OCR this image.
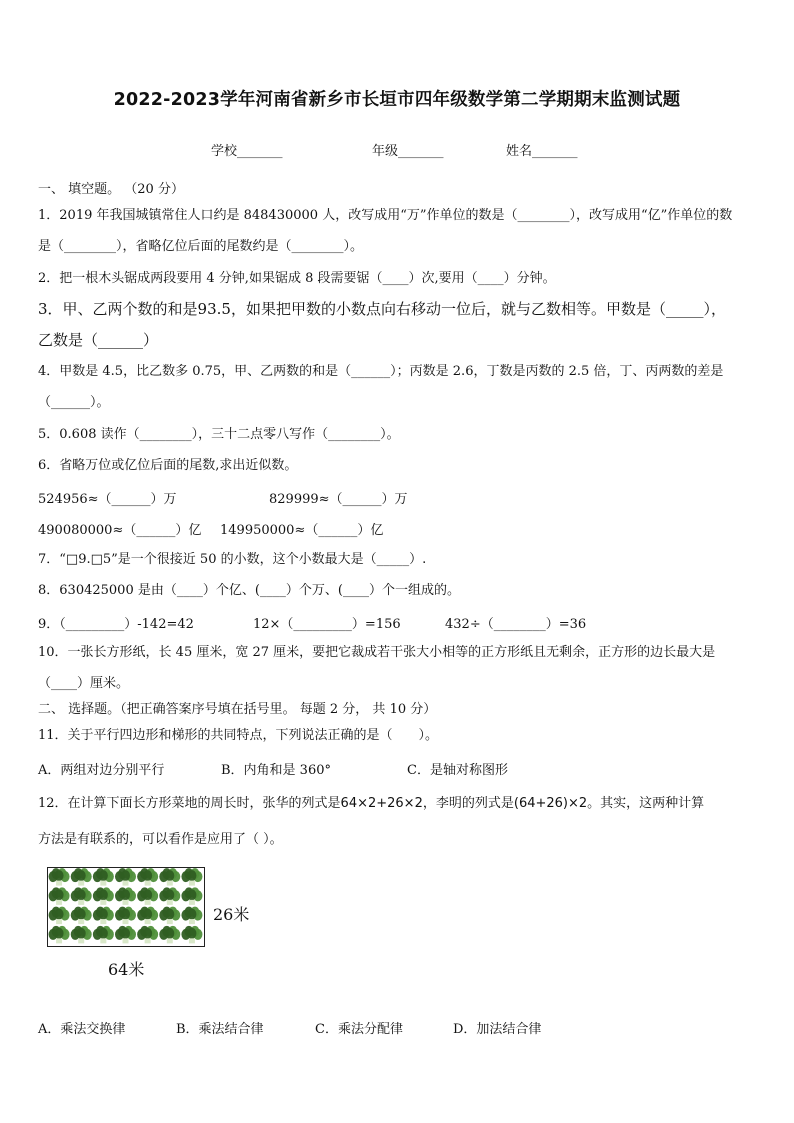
2022-2023学年河南省新乡市长垣市四年级数学第二学期期末监测试题
学校_______	年级_______	姓名_______
一、 填空题。 （20 分）
1．2019 年我国城镇常住人口约是 848430000 人，改写成用“万”作单位的数是（________），改写成用“亿”作单位的数
是（________），省略亿位后面的尾数约是（________）。
2．把一根木头锯成两段要用 4 分钟,如果锯成 8 段需要锯（____）次,要用（____）分钟。
3．甲、乙两个数的和是93.5，如果把甲数的小数点向右移动一位后，就与乙数相等。甲数是（_____），
乙数是（______）
4．甲数是 4.5，比乙数多 0.75，甲、乙两数的和是（______）；丙数是 2.6，丁数是丙数的 2.5 倍，丁、丙两数的差是
（______）。
5．0.608 读作（________），三十二点零八写作（________）。
6．省略万位或亿位后面的尾数,求出近似数。
524956≈（______）万	829999≈（______）万
490080000≈（______）亿 149950000≈（______）亿
7．“□9.□5”是一个很接近 50 的小数，这个小数最大是（_____）.
8．630425000 是由（____）个亿、(____）个万、(____）个一组成的。
9．（_________）-142=42	12×（_________）=156	432÷（________）=36
10．一张长方形纸，长 45 厘米，宽 27 厘米，要把它裁成若干张大小相等的正方形纸且无剩余，正方形的边长最大是
（____）厘米。
二、 选择题。（把正确答案序号填在括号里。 每题 2 分， 共 10 分）
11．关于平行四边形和梯形的共同特点，下列说法正确的是（　　）。
A．两组对边分别平行	B．内角和是 360°	C．是轴对称图形
12．在计算下面长方形菜地的周长时，张华的列式是64×2+26×2，李明的列式是(64+26)×2。其实，这两种计算
方法是有联系的，可以看作是应用了（ ）。
26米
64米
A．乘法交换律	B．乘法结合律	C．乘法分配律	D．加法结合律
